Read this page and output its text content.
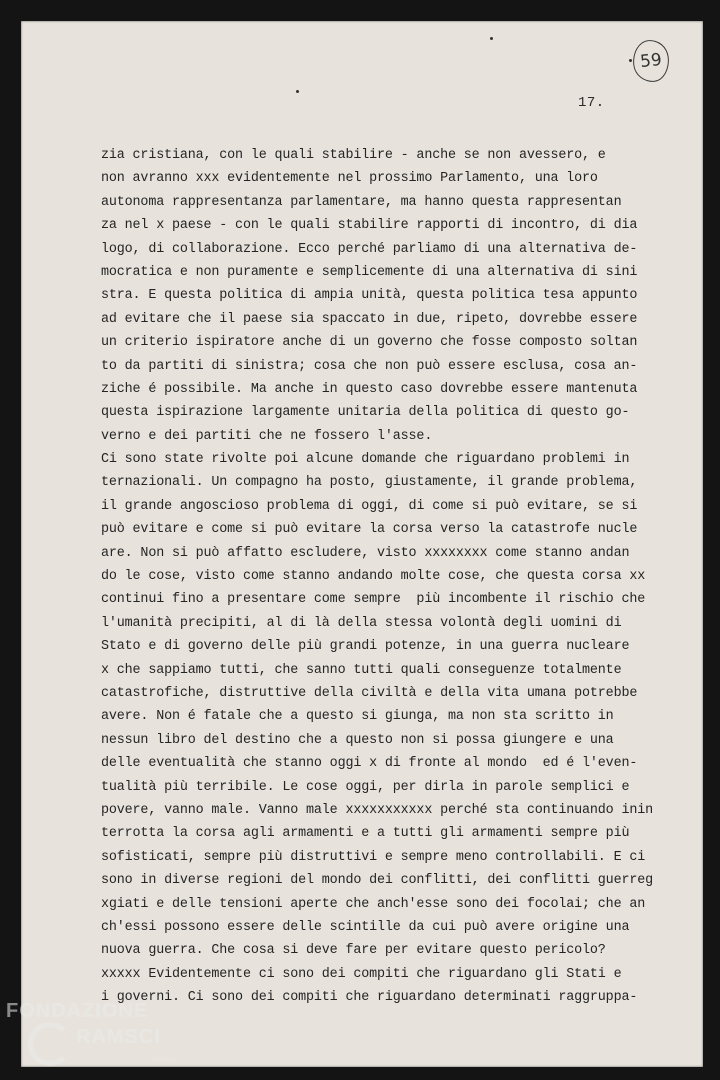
59
17.
zia cristiana, con le quali stabilire - anche se non avessero, e
non avranno xxx evidentemente nel prossimo Parlamento, una loro
autonoma rappresentanza parlamentare, ma hanno questa rappresentan
za nel x paese - con le quali stabilire rapporti di incontro, di dia
logo, di collaborazione. Ecco perché parliamo di una alternativa de-
mocratica e non puramente e semplicemente di una alternativa di sini
stra. E questa politica di ampia unità, questa politica tesa appunto
ad evitare che il paese sia spaccato in due, ripeto, dovrebbe essere
un criterio ispiratore anche di un governo che fosse composto soltan
to da partiti di sinistra; cosa che non può essere esclusa, cosa an-
ziche é possibile. Ma anche in questo caso dovrebbe essere mantenuta
questa ispirazione largamente unitaria della politica di questo go-
verno e dei partiti che ne fossero l'asse.
Ci sono state rivolte poi alcune domande che riguardano problemi in
ternazionali. Un compagno ha posto, giustamente, il grande problema,
il grande angoscioso problema di oggi, di come si può evitare, se si
può evitare e come si può evitare la corsa verso la catastrofe nucle
are. Non si può affatto escludere, visto xxxxxxxx come stanno andan
do le cose, visto come stanno andando molte cose, che questa corsa xx
continui fino a presentare come sempre  più incombente il rischio che
l'umanità precipiti, al di là della stessa volontà degli uomini di
Stato e di governo delle più grandi potenze, in una guerra nucleare
x che sappiamo tutti, che sanno tutti quali conseguenze totalmente
catastrofiche, distruttive della civiltà e della vita umana potrebbe
avere. Non é fatale che a questo si giunga, ma non sta scritto in
nessun libro del destino che a questo non si possa giungere e una
delle eventualità che stanno oggi x di fronte al mondo  ed é l'even-
tualità più terribile. Le cose oggi, per dirla in parole semplici e
povere, vanno male. Vanno male xxxxxxxxxxx perché sta continuando inin
terrotta la corsa agli armamenti e a tutti gli armamenti sempre più
sofisticati, sempre più distruttivi e sempre meno controllabili. E ci
sono in diverse regioni del mondo dei conflitti, dei conflitti guerreg
xgiati e delle tensioni aperte che anch'esse sono dei focolai; che an
ch'essi possono essere delle scintille da cui può avere origine una
nuova guerra. Che cosa si deve fare per evitare questo pericolo?
xxxxx Evidentemente ci sono dei compiti che riguardano gli Stati e
i governi. Ci sono dei compiti che riguardano determinati raggruppa-
FONDAZIONE
RAMSCI
onlus
